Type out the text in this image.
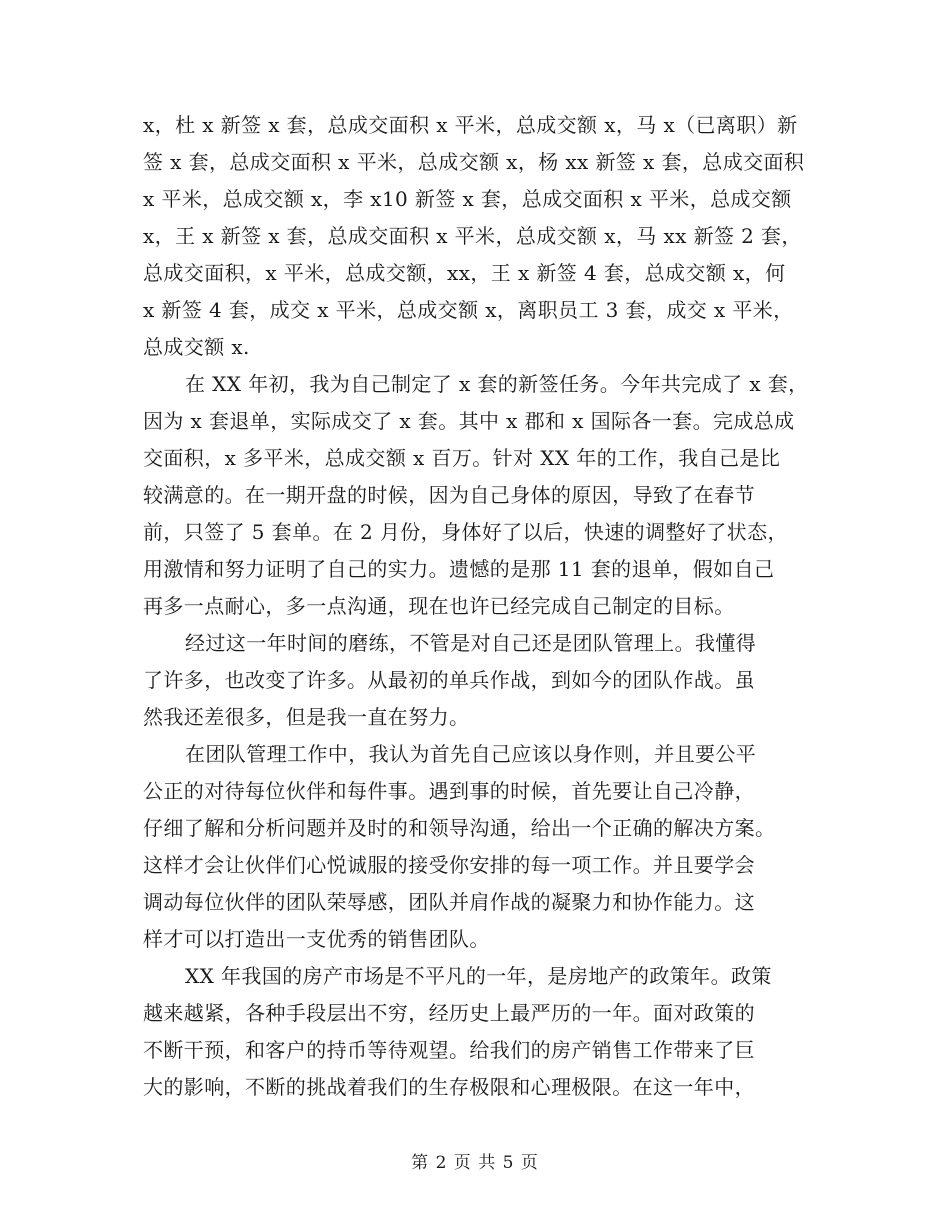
x，杜 x 新签 x 套，总成交面积 x 平米，总成交额 x，马 x（已离职）新
签 x 套，总成交面积 x 平米，总成交额 x，杨 xx 新签 x 套，总成交面积
x 平米，总成交额 x，李 x10 新签 x 套，总成交面积 x 平米，总成交额
x，王 x 新签 x 套，总成交面积 x 平米，总成交额 x，马 xx 新签 2 套，
总成交面积，x 平米，总成交额，xx，王 x 新签 4 套，总成交额 x，何
x 新签 4 套，成交 x 平米，总成交额 x，离职员工 3 套，成交 x 平米，
总成交额 x.
在 XX 年初，我为自己制定了 x 套的新签任务。今年共完成了 x 套，
因为 x 套退单，实际成交了 x 套。其中 x 郡和 x 国际各一套。完成总成
交面积，x 多平米，总成交额 x 百万。针对 XX 年的工作，我自己是比
较满意的。在一期开盘的时候，因为自己身体的原因，导致了在春节
前，只签了 5 套单。在 2 月份，身体好了以后，快速的调整好了状态，
用激情和努力证明了自己的实力。遗憾的是那 11 套的退单，假如自己
再多一点耐心，多一点沟通，现在也许已经完成自己制定的目标。
经过这一年时间的磨练，不管是对自己还是团队管理上。我懂得
了许多，也改变了许多。从最初的单兵作战，到如今的团队作战。虽
然我还差很多，但是我一直在努力。
在团队管理工作中，我认为首先自己应该以身作则，并且要公平
公正的对待每位伙伴和每件事。遇到事的时候，首先要让自己冷静，
仔细了解和分析问题并及时的和领导沟通，给出一个正确的解决方案。
这样才会让伙伴们心悦诚服的接受你安排的每一项工作。并且要学会
调动每位伙伴的团队荣辱感，团队并肩作战的凝聚力和协作能力。这
样才可以打造出一支优秀的销售团队。
XX 年我国的房产市场是不平凡的一年，是房地产的政策年。政策
越来越紧，各种手段层出不穷，经历史上最严历的一年。面对政策的
不断干预，和客户的持币等待观望。给我们的房产销售工作带来了巨
大的影响，不断的挑战着我们的生存极限和心理极限。在这一年中，
第 2 页 共 5 页
